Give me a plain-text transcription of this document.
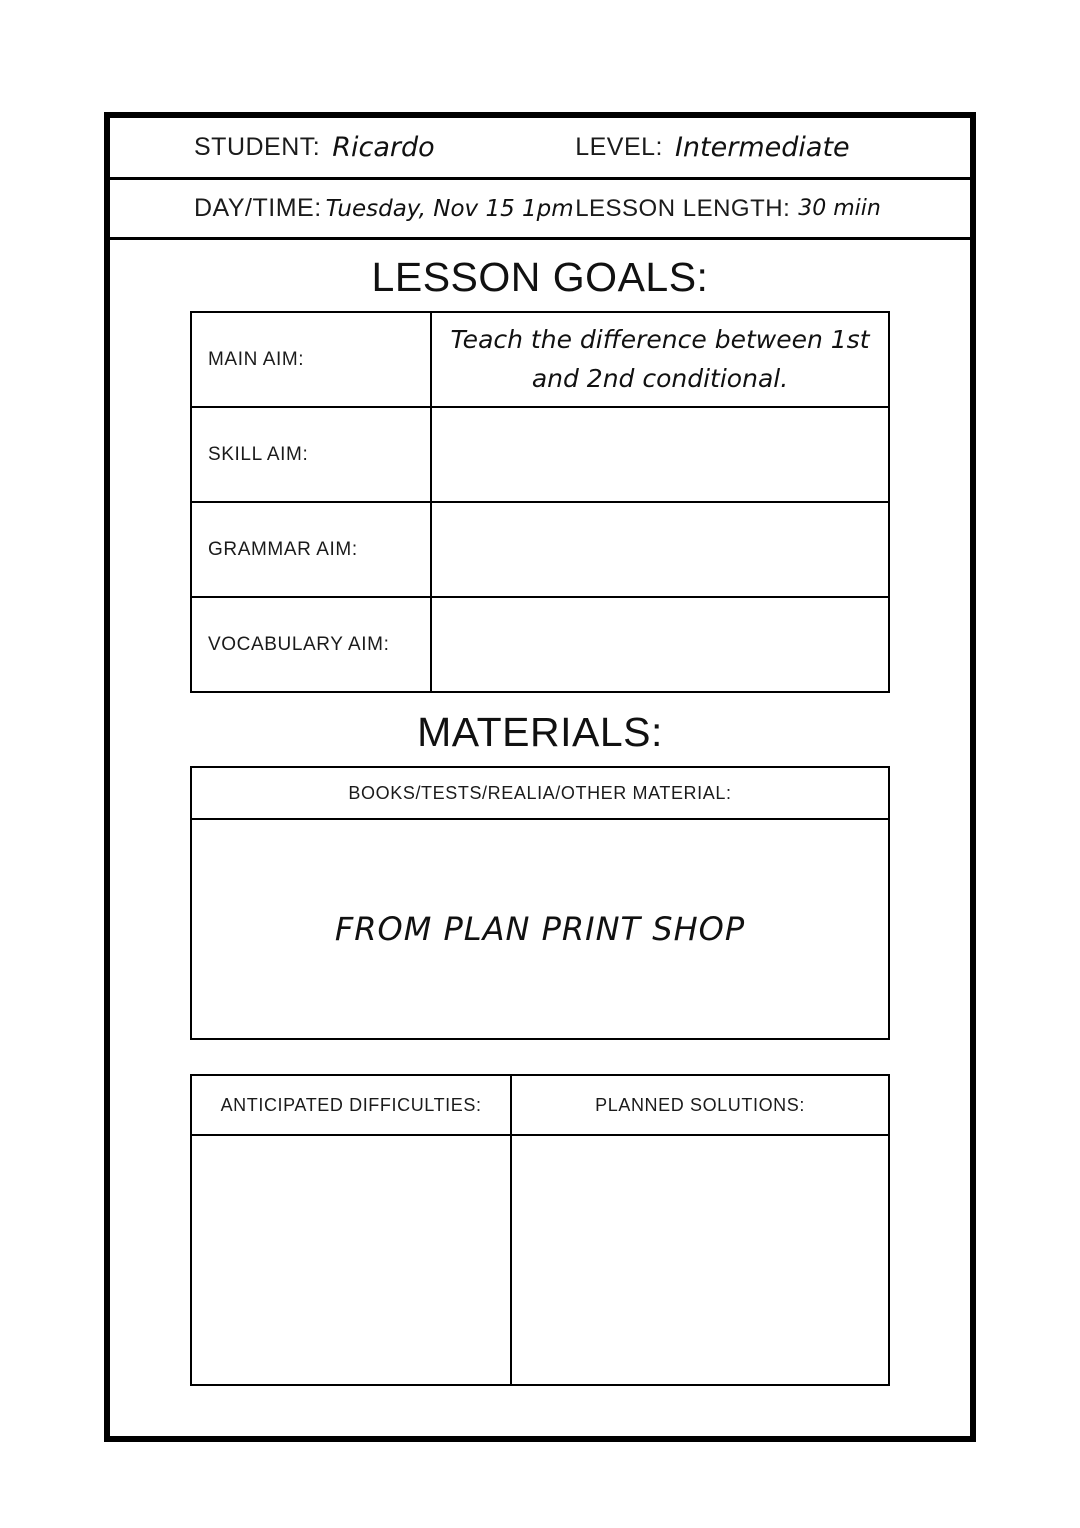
STUDENT: Ricardo	LEVEL: Intermediate
DAY/TIME: Tuesday, Nov 15 1pm LESSON LENGTH: 30 miin
LESSON GOALS:
MAIN AIM:	Teach the difference between 1st and 2nd conditional.
SKILL AIM:	
GRAMMAR AIM:	
VOCABULARY AIM:	
MATERIALS:
BOOKS/TESTS/REALIA/OTHER MATERIAL:
FROM PLAN PRINT SHOP
ANTICIPATED DIFFICULTIES:	PLANNED SOLUTIONS:
